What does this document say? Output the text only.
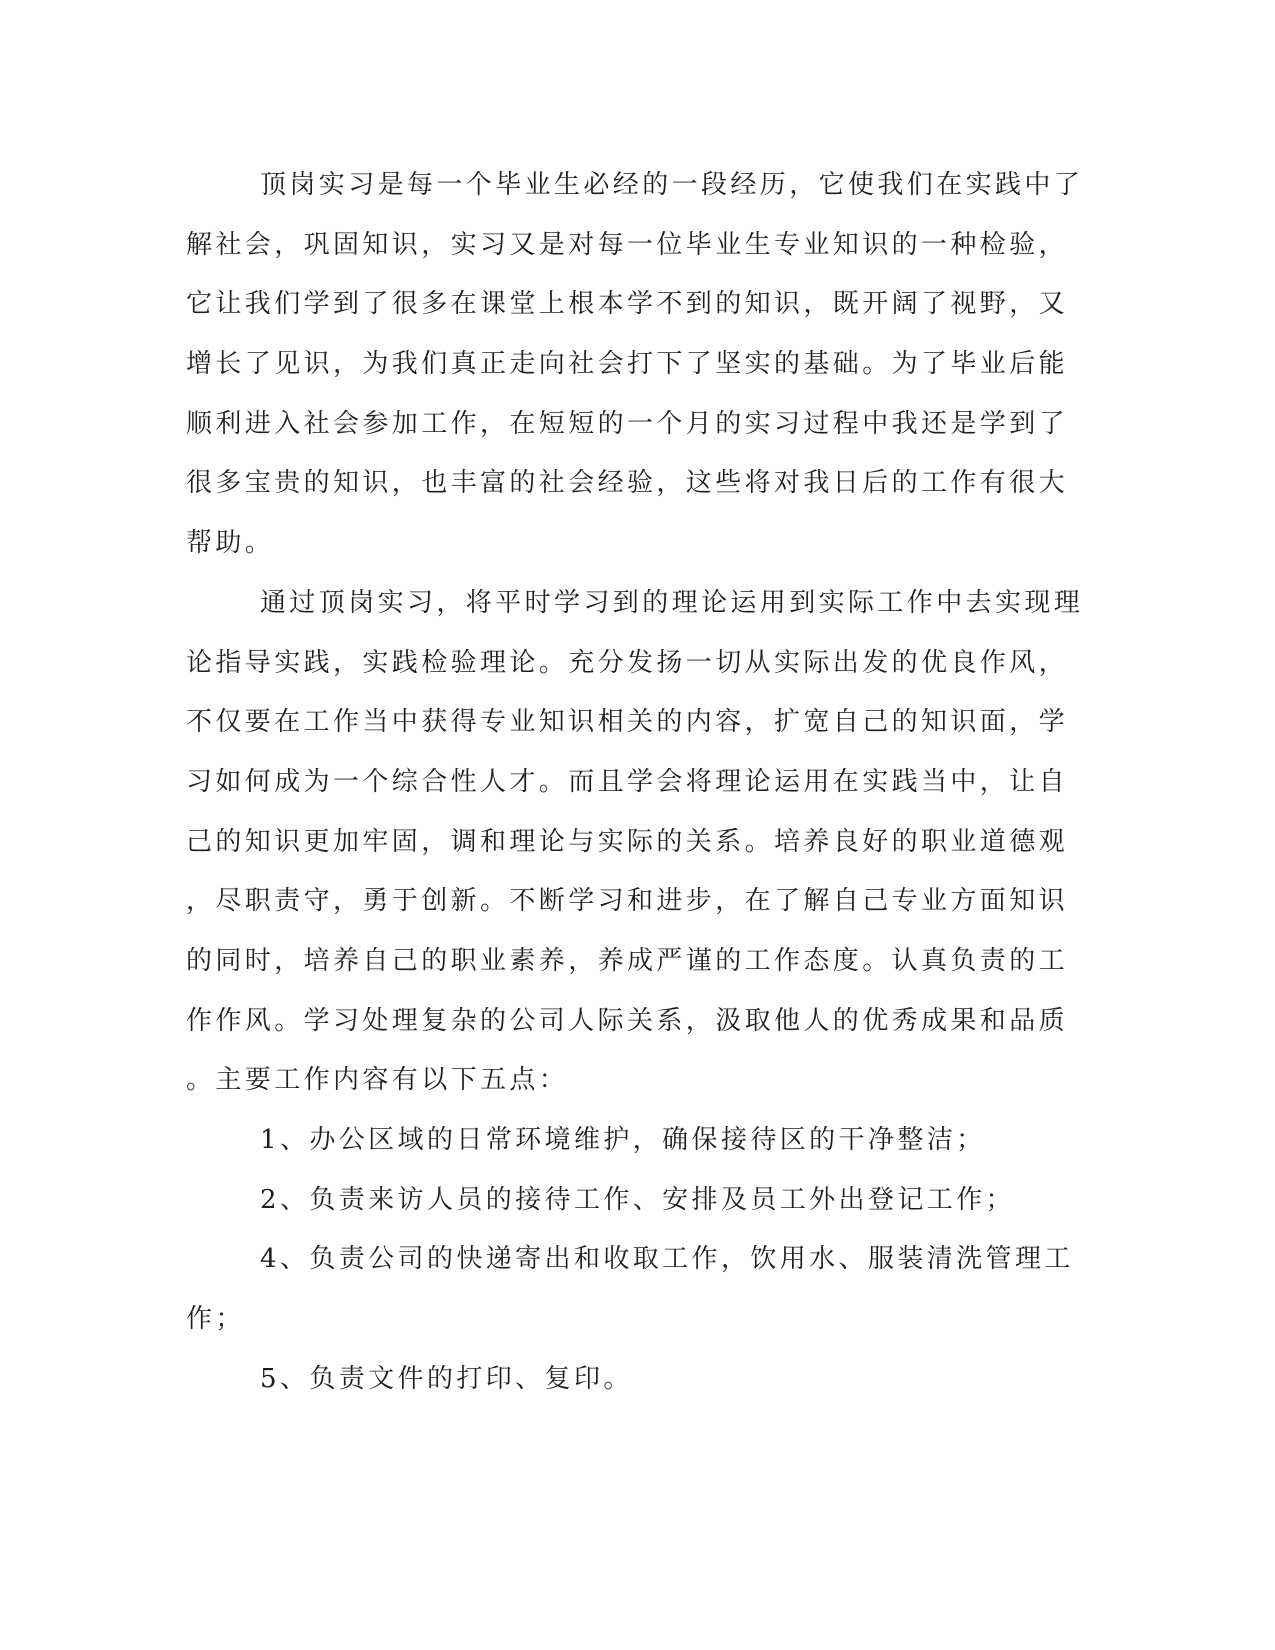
顶岗实习是每一个毕业生必经的一段经历，它使我们在实践中了
解社会，巩固知识，实习又是对每一位毕业生专业知识的一种检验，
它让我们学到了很多在课堂上根本学不到的知识，既开阔了视野，又
增长了见识，为我们真正走向社会打下了坚实的基础。为了毕业后能
顺利进入社会参加工作，在短短的一个月的实习过程中我还是学到了
很多宝贵的知识，也丰富的社会经验，这些将对我日后的工作有很大
帮助。
通过顶岗实习，将平时学习到的理论运用到实际工作中去实现理
论指导实践，实践检验理论。充分发扬一切从实际出发的优良作风，
不仅要在工作当中获得专业知识相关的内容，扩宽自己的知识面，学
习如何成为一个综合性人才。而且学会将理论运用在实践当中，让自
己的知识更加牢固，调和理论与实际的关系。培养良好的职业道德观
，尽职责守，勇于创新。不断学习和进步，在了解自己专业方面知识
的同时，培养自己的职业素养，养成严谨的工作态度。认真负责的工
作作风。学习处理复杂的公司人际关系，汲取他人的优秀成果和品质
。主要工作内容有以下五点：
1、办公区域的日常环境维护，确保接待区的干净整洁；
2、负责来访人员的接待工作、安排及员工外出登记工作；
4、负责公司的快递寄出和收取工作，饮用水、服装清洗管理工
作；
5、负责文件的打印、复印。
